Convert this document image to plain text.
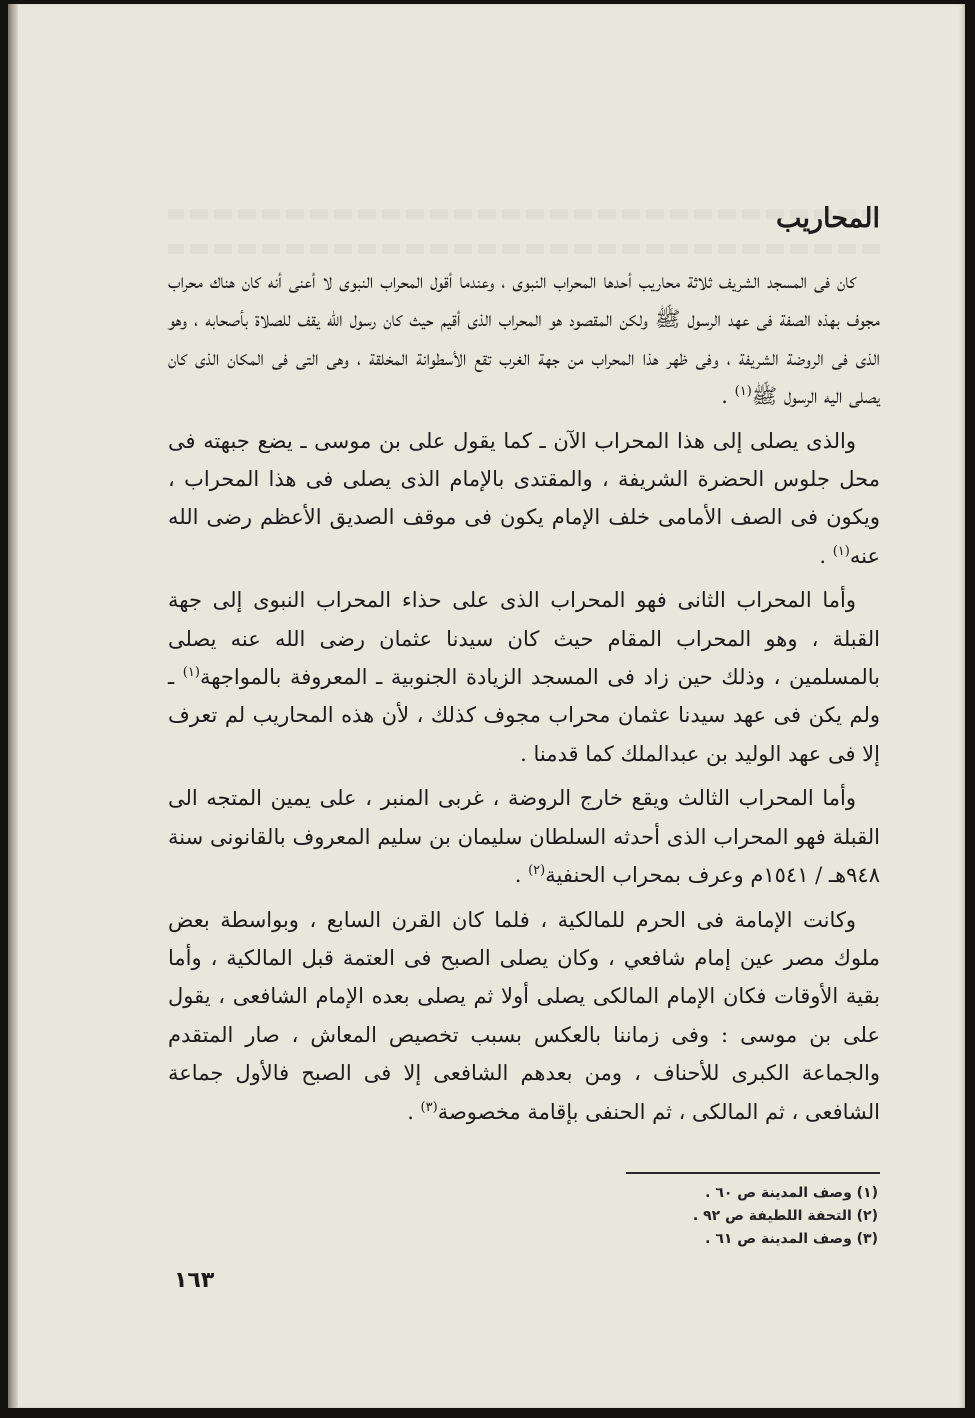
المحاريب

كان فى المسجد الشريف ثلاثة محاريب أحدها المحراب النبوى ، وعندما أقول المحراب النبوى لا أعنى أنه كان هناك محراب مجوف بهذه الصفة فى عهد الرسول ﷺ ولكن المقصود هو المحراب الذى أقيم حيث كان رسول الله يقف للصلاة بأصحابه ، وهو الذى فى الروضة الشريفة ، وفى ظهر هذا المحراب من جهة الغرب تقع الأسطوانة المخلقة ، وهى التى فى المكان الذى كان يصلى اليه الرسول ﷺ$^{(١)}$ .

والذى يصلى إلى هذا المحراب الآن ـ كما يقول على بن موسى ـ يضع جبهته فى محل جلوس الحضرة الشريفة ، والمقتدى بالإمام الذى يصلى فى هذا المحراب ، ويكون فى الصف الأمامى خلف الإمام يكون فى موقف الصديق الأعظم رضى الله عنه$^{(١)}$ .

وأما المحراب الثانى فهو المحراب الذى على حذاء المحراب النبوى إلى جهة القبلة ، وهو المحراب المقام حيث كان سيدنا عثمان رضى الله عنه يصلى بالمسلمين ، وذلك حين زاد فى المسجد الزيادة الجنوبية ـ المعروفة بالمواجهة$^{(١)}$ ـ ولم يكن فى عهد سيدنا عثمان محراب مجوف كذلك ، لأن هذه المحاريب لم تعرف إلا فى عهد الوليد بن عبدالملك كما قدمنا .

وأما المحراب الثالث ويقع خارج الروضة ، غربى المنبر ، على يمين المتجه الى القبلة فهو المحراب الذى أحدثه السلطان سليمان بن سليم المعروف بالقانونى سنة ٩٤٨هـ / ١٥٤١م وعرف بمحراب الحنفية$^{(٢)}$ .

وكانت الإمامة فى الحرم للمالكية ، فلما كان القرن السابع ، وبواسطة بعض ملوك مصر عين إمام شافعي ، وكان يصلى الصبح فى العتمة قبل المالكية ، وأما بقية الأوقات فكان الإمام المالكى يصلى أولا ثم يصلى بعده الإمام الشافعى ، يقول على بن موسى : وفى زماننا بالعكس بسبب تخصيص المعاش ، صار المتقدم والجماعة الكبرى للأحناف ، ومن بعدهم الشافعى إلا فى الصبح فالأول جماعة الشافعى ، ثم المالكى ، ثم الحنفى بإقامة مخصوصة$^{(٣)}$ .

(١) وصف المدينة ص ٦٠ .

(٢) التحفة اللطيفة ص ٩٢ .

(٣) وصف المدينة ص ٦١ .

١٦٣
